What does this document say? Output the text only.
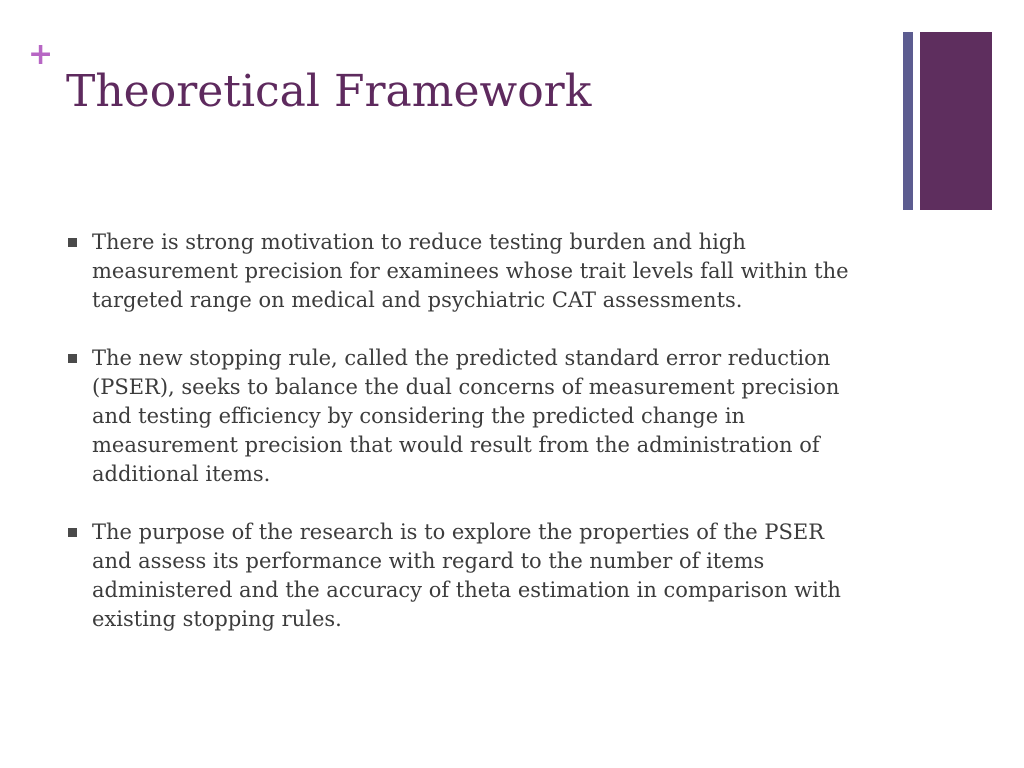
+
Theoretical Framework
There is strong motivation to reduce testing burden and high measurement precision for examinees whose trait levels fall within the targeted range on medical and psychiatric CAT assessments.
The new stopping rule, called the predicted standard error reduction (PSER), seeks to balance the dual concerns of measurement precision and testing efficiency by considering the predicted change in measurement precision that would result from the administration of additional items.
The purpose of the research is to explore the properties of the PSER and assess its performance with regard to the number of items administered and the accuracy of theta estimation in comparison with existing stopping rules.
